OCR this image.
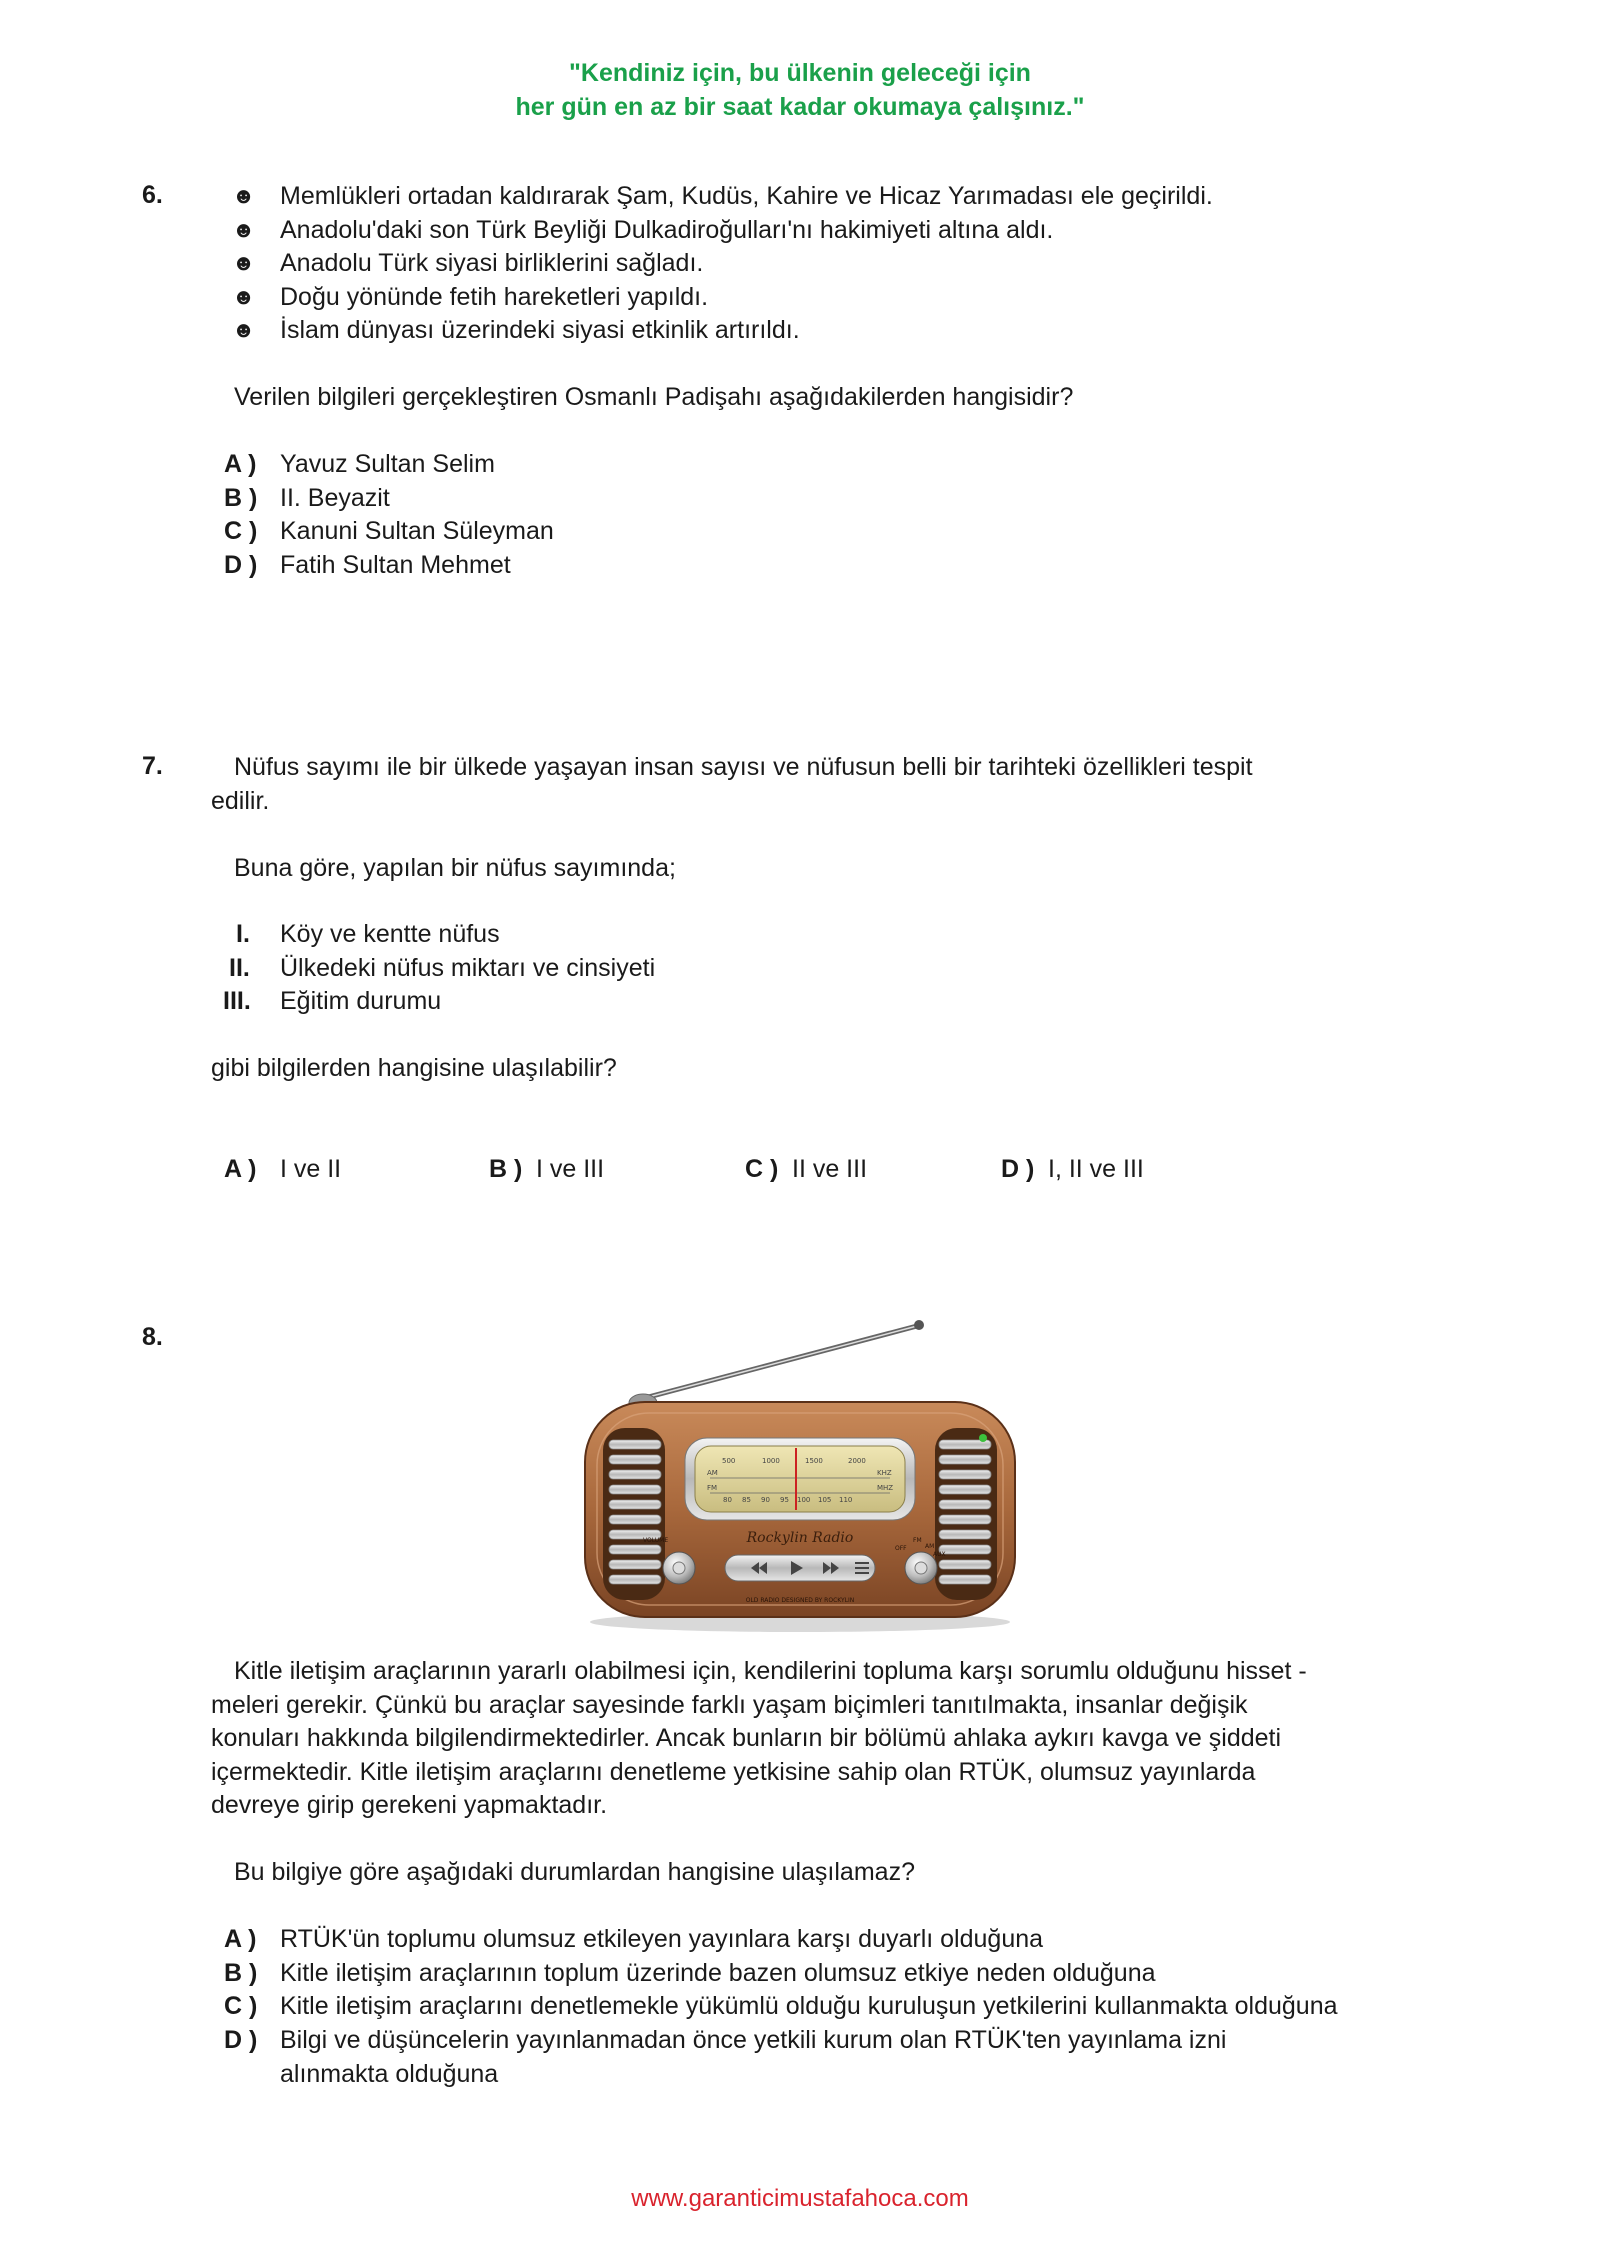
"Kendiniz için, bu ülkenin geleceği için
her gün en az bir saat kadar okumaya çalışınız."
6.	☻ Memlükleri ortadan kaldırarak Şam, Kudüs, Kahire ve Hicaz Yarımadası ele geçirildi.
☻ Anadolu'daki son Türk Beyliği Dulkadiroğulları'nı hakimiyeti altına aldı.
☻ Anadolu Türk siyasi birliklerini sağladı.
☻ Doğu yönünde fetih hareketleri yapıldı.
☻ İslam dünyası üzerindeki siyasi etkinlik artırıldı.
Verilen bilgileri gerçekleştiren Osmanlı Padişahı aşağıdakilerden hangisidir?
A ) Yavuz Sultan Selim
B ) II. Beyazit
C ) Kanuni Sultan Süleyman
D ) Fatih Sultan Mehmet
7.	Nüfus sayımı ile bir ülkede yaşayan insan sayısı ve nüfusun belli bir tarihteki özellikleri tespit
edilir.
Buna göre, yapılan bir nüfus sayımında;
I. Köy ve kentte nüfus
II. Ülkedeki nüfus miktarı ve cinsiyeti
III. Eğitim durumu
gibi bilgilerden hangisine ulaşılabilir?
A ) I ve II	B ) I ve III	C ) II ve III	D ) I, II ve III
8.
500	1000	1500	2000
AM	KHZ
FM	MHZ
80 85 90 95 100 105 110
Rockylin Radio
VOLUME
OFF
FM
AM
AUX
OLD RADIO DESIGNED BY ROCKYLIN
Kitle iletişim araçlarının yararlı olabilmesi için, kendilerini topluma karşı sorumlu olduğunu hisset -
meleri gerekir. Çünkü bu araçlar sayesinde farklı yaşam biçimleri tanıtılmakta, insanlar değişik
konuları hakkında bilgilendirmektedirler. Ancak bunların bir bölümü ahlaka aykırı kavga ve şiddeti
içermektedir. Kitle iletişim araçlarını denetleme yetkisine sahip olan RTÜK, olumsuz yayınlarda
devreye girip gerekeni yapmaktadır.
Bu bilgiye göre aşağıdaki durumlardan hangisine ulaşılamaz?
A ) RTÜK'ün toplumu olumsuz etkileyen yayınlara karşı duyarlı olduğuna
B ) Kitle iletişim araçlarının toplum üzerinde bazen olumsuz etkiye neden olduğuna
C ) Kitle iletişim araçlarını denetlemekle yükümlü olduğu kuruluşun yetkilerini kullanmakta olduğuna
D ) Bilgi ve düşüncelerin yayınlanmadan önce yetkili kurum olan RTÜK'ten yayınlama izni
alınmakta olduğuna
www.garanticimustafahoca.com
